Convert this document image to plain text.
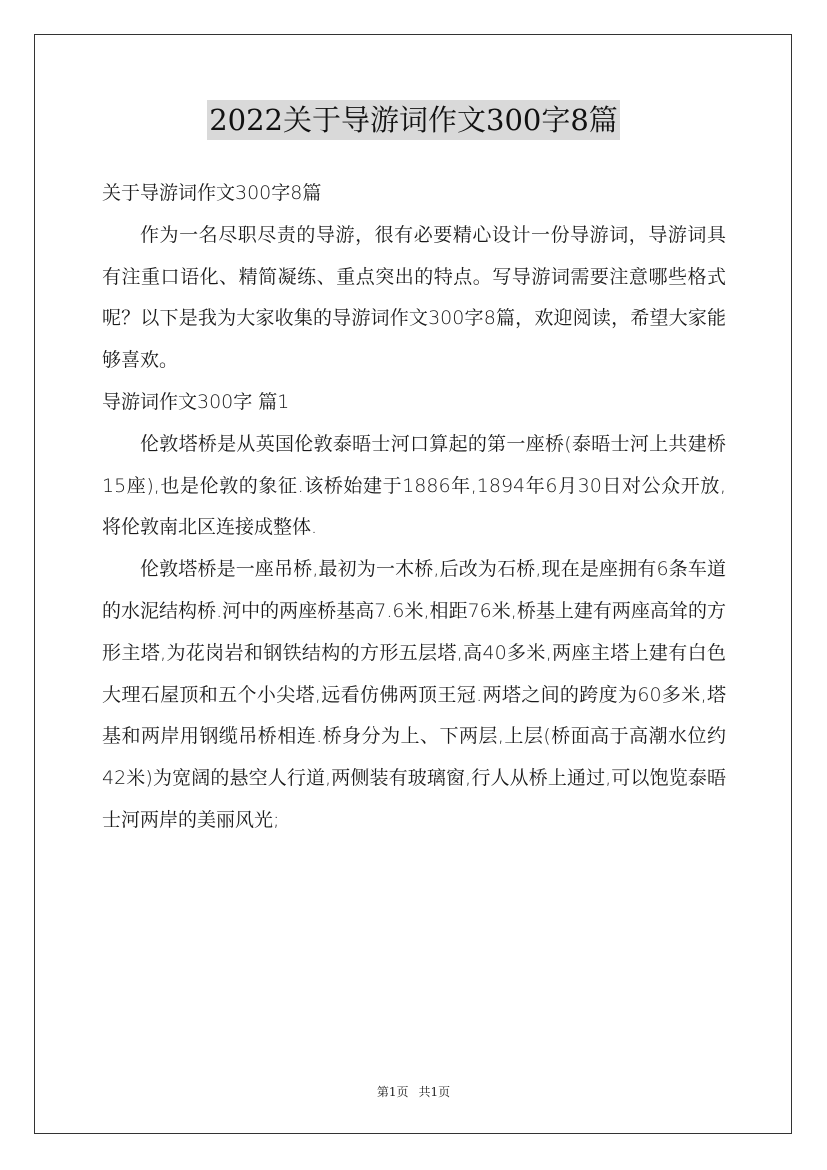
2022关于导游词作文300字8篇

关于导游词作文300字8篇

作为一名尽职尽责的导游，很有必要精心设计一份导游词，导游词具有注重口语化、精简凝练、重点突出的特点。写导游词需要注意哪些格式呢？以下是我为大家收集的导游词作文300字8篇，欢迎阅读，希望大家能够喜欢。

导游词作文300字 篇1

伦敦塔桥是从英国伦敦泰晤士河口算起的第一座桥(泰晤士河上共建桥15座),也是伦敦的象征.该桥始建于1886年,1894年6月30日对公众开放,将伦敦南北区连接成整体.

伦敦塔桥是一座吊桥,最初为一木桥,后改为石桥,现在是座拥有6条车道的水泥结构桥.河中的两座桥基高7.6米,相距76米,桥基上建有两座高耸的方形主塔,为花岗岩和钢铁结构的方形五层塔,高40多米,两座主塔上建有白色大理石屋顶和五个小尖塔,远看仿佛两顶王冠.两塔之间的跨度为60多米,塔基和两岸用钢缆吊桥相连.桥身分为上、下两层,上层(桥面高于高潮水位约42米)为宽阔的悬空人行道,两侧装有玻璃窗,行人从桥上通过,可以饱览泰晤士河两岸的美丽风光;

第1页 共1页
